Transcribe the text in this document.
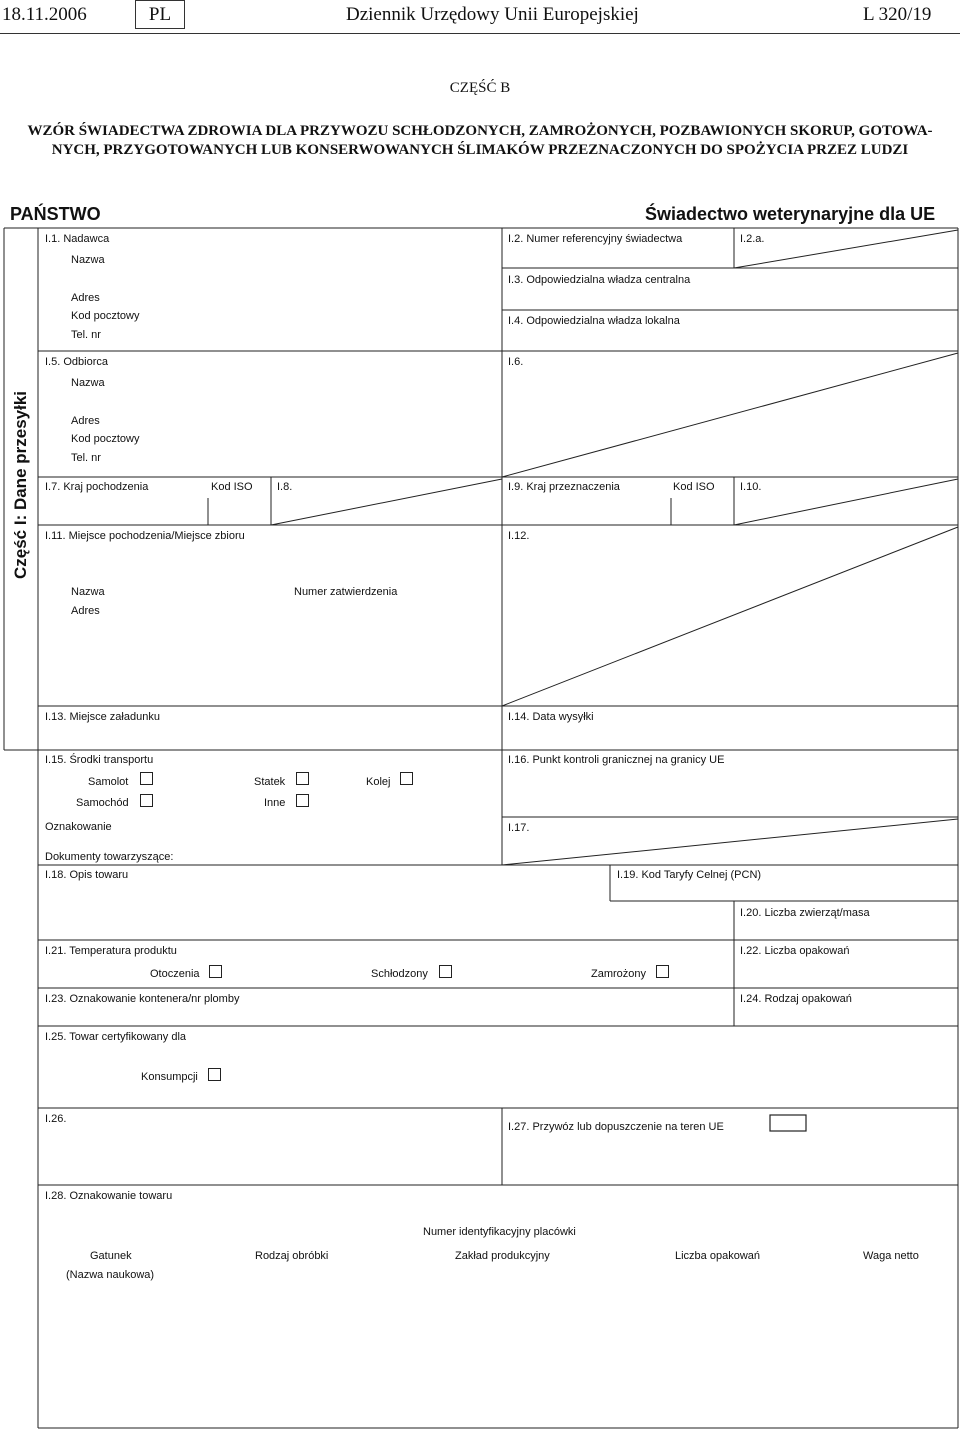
18.11.2006	PL	Dziennik Urzędowy Unii Europejskiej	L 320/19
CZĘŚĆ B
WZÓR ŚWIADECTWA ZDROWIA DLA PRZYWOZU SCHŁODZONYCH, ZAMROŻONYCH, POZBAWIONYCH SKORUP, GOTOWA-
NYCH, PRZYGOTOWANYCH LUB KONSERWOWANYCH ŚLIMAKÓW PRZEZNACZONYCH DO SPOŻYCIA PRZEZ LUDZI
PAŃSTWO	Świadectwo weterynaryjne dla UE
Część I: Dane przesyłki
I.1. Nadawca
Nazwa
Adres
Kod pocztowy
Tel. nr
I.2. Numer referencyjny świadectwa	I.2.a.
I.3. Odpowiedzialna władza centralna
I.4. Odpowiedzialna władza lokalna
I.5. Odbiorca
Nazwa
Adres
Kod pocztowy
Tel. nr
I.6.
I.7. Kraj pochodzenia	Kod ISO I.8.	I.9. Kraj przeznaczenia	Kod ISO I.10.
I.11. Miejsce pochodzenia/Miejsce zbioru
Nazwa	Numer zatwierdzenia
Adres
I.12.
I.13. Miejsce załadunku	I.14. Data wysyłki
I.15. Środki transportu
Samolot	Statek	Kolej
Samochód	Inne
Oznakowanie
Dokumenty towarzyszące:
I.16. Punkt kontroli granicznej na granicy UE
I.17.
I.18. Opis towaru	I.19. Kod Taryfy Celnej (PCN)
I.20. Liczba zwierząt/masa
I.21. Temperatura produktu
Otoczenia	Schłodzony	Zamrożony
I.22. Liczba opakowań
I.23. Oznakowanie kontenera/nr plomby	I.24. Rodzaj opakowań
I.25. Towar certyfikowany dla
Konsumpcji
I.26.
I.27. Przywóz lub dopuszczenie na teren UE
I.28. Oznakowanie towaru
Numer identyfikacyjny placówki
Gatunek
(Nazwa naukowa)
Rodzaj obróbki	Zakład produkcyjny	Liczba opakowań	Waga netto
